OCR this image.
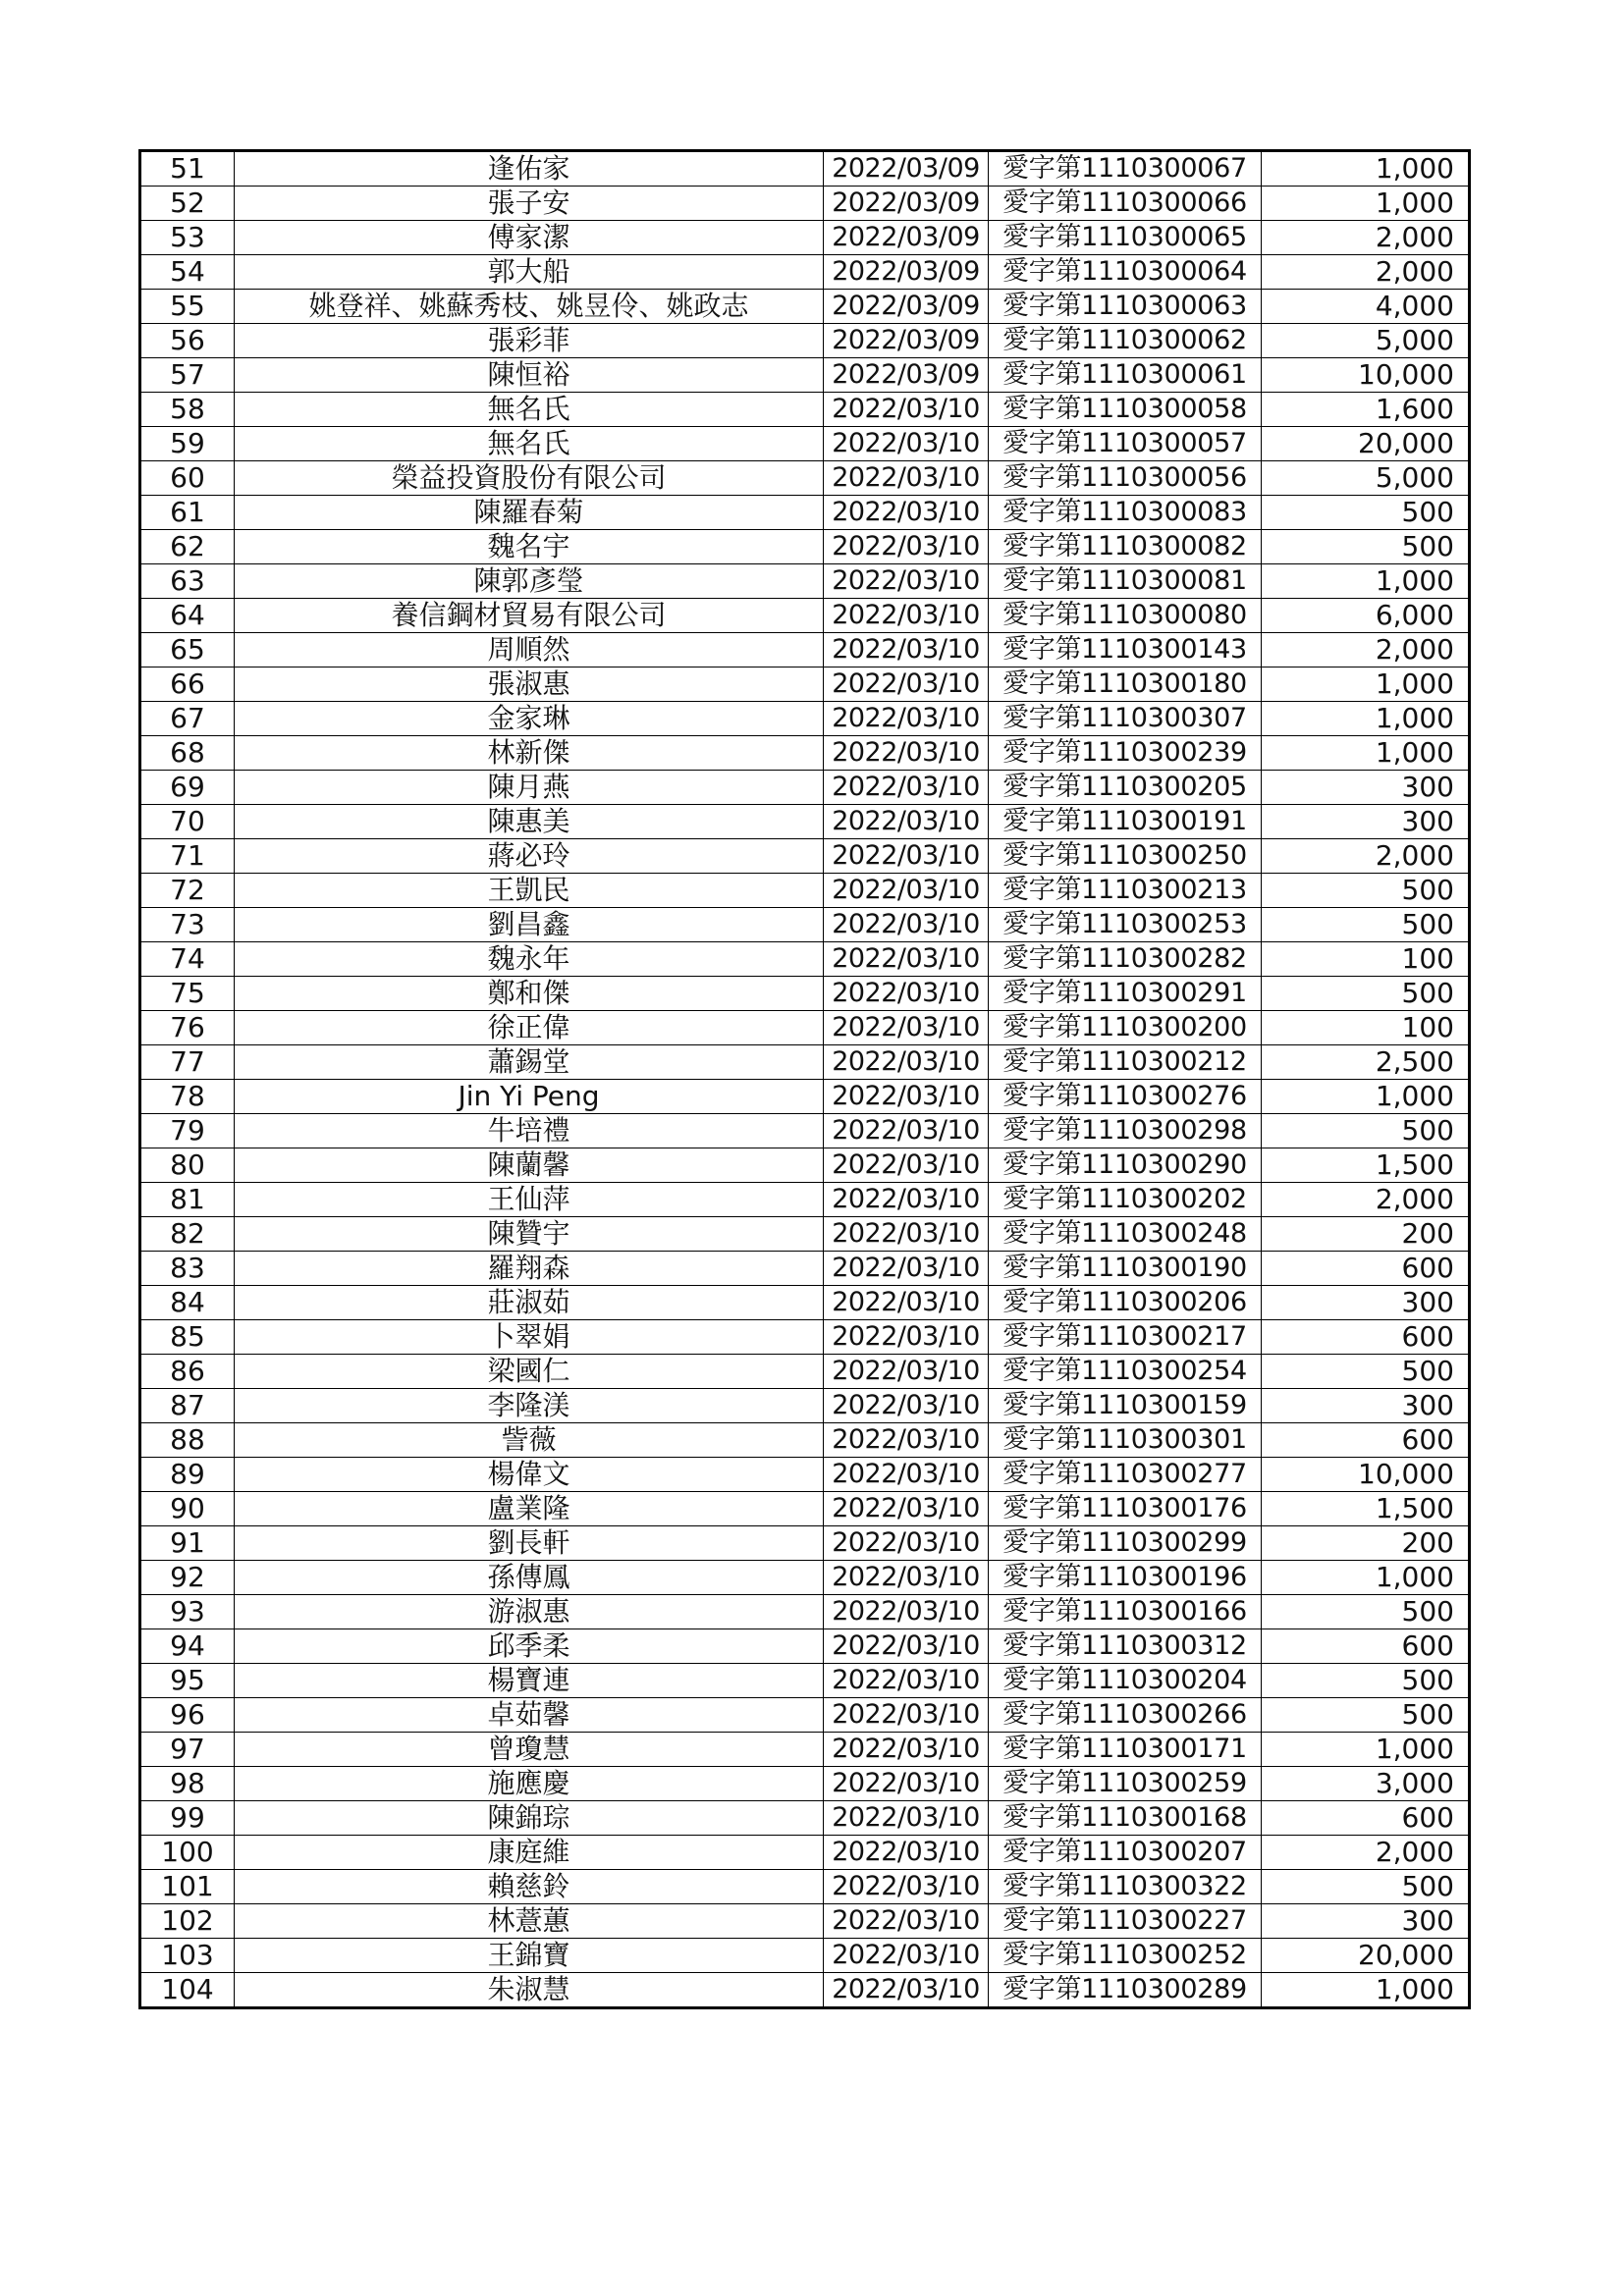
51	逢佑家	2022/03/09	愛字第1110300067	1,000
52	張子安	2022/03/09	愛字第1110300066	1,000
53	傅家潔	2022/03/09	愛字第1110300065	2,000
54	郭大船	2022/03/09	愛字第1110300064	2,000
55	姚登祥、姚蘇秀枝、姚昱伶、姚政志	2022/03/09	愛字第1110300063	4,000
56	張彩菲	2022/03/09	愛字第1110300062	5,000
57	陳恒裕	2022/03/09	愛字第1110300061	10,000
58	無名氏	2022/03/10	愛字第1110300058	1,600
59	無名氏	2022/03/10	愛字第1110300057	20,000
60	榮益投資股份有限公司	2022/03/10	愛字第1110300056	5,000
61	陳羅春菊	2022/03/10	愛字第1110300083	500
62	魏名宇	2022/03/10	愛字第1110300082	500
63	陳郭彥瑩	2022/03/10	愛字第1110300081	1,000
64	養信鋼材貿易有限公司	2022/03/10	愛字第1110300080	6,000
65	周順然	2022/03/10	愛字第1110300143	2,000
66	張淑惠	2022/03/10	愛字第1110300180	1,000
67	金家琳	2022/03/10	愛字第1110300307	1,000
68	林新傑	2022/03/10	愛字第1110300239	1,000
69	陳月燕	2022/03/10	愛字第1110300205	300
70	陳惠美	2022/03/10	愛字第1110300191	300
71	蔣必玲	2022/03/10	愛字第1110300250	2,000
72	王凱民	2022/03/10	愛字第1110300213	500
73	劉昌鑫	2022/03/10	愛字第1110300253	500
74	魏永年	2022/03/10	愛字第1110300282	100
75	鄭和傑	2022/03/10	愛字第1110300291	500
76	徐正偉	2022/03/10	愛字第1110300200	100
77	蕭錫堂	2022/03/10	愛字第1110300212	2,500
78	Jin Yi Peng	2022/03/10	愛字第1110300276	1,000
79	牛培禮	2022/03/10	愛字第1110300298	500
80	陳蘭馨	2022/03/10	愛字第1110300290	1,500
81	王仙萍	2022/03/10	愛字第1110300202	2,000
82	陳贊宇	2022/03/10	愛字第1110300248	200
83	羅翔森	2022/03/10	愛字第1110300190	600
84	莊淑茹	2022/03/10	愛字第1110300206	300
85	卜翠娟	2022/03/10	愛字第1110300217	600
86	梁國仁	2022/03/10	愛字第1110300254	500
87	李隆渼	2022/03/10	愛字第1110300159	300
88	訾薇	2022/03/10	愛字第1110300301	600
89	楊偉文	2022/03/10	愛字第1110300277	10,000
90	盧業隆	2022/03/10	愛字第1110300176	1,500
91	劉長軒	2022/03/10	愛字第1110300299	200
92	孫傳鳳	2022/03/10	愛字第1110300196	1,000
93	游淑惠	2022/03/10	愛字第1110300166	500
94	邱季柔	2022/03/10	愛字第1110300312	600
95	楊寶連	2022/03/10	愛字第1110300204	500
96	卓茹馨	2022/03/10	愛字第1110300266	500
97	曾瓊慧	2022/03/10	愛字第1110300171	1,000
98	施應慶	2022/03/10	愛字第1110300259	3,000
99	陳錦琮	2022/03/10	愛字第1110300168	600
100	康庭維	2022/03/10	愛字第1110300207	2,000
101	賴慈鈴	2022/03/10	愛字第1110300322	500
102	林薏蕙	2022/03/10	愛字第1110300227	300
103	王錦寶	2022/03/10	愛字第1110300252	20,000
104	朱淑慧	2022/03/10	愛字第1110300289	1,000
